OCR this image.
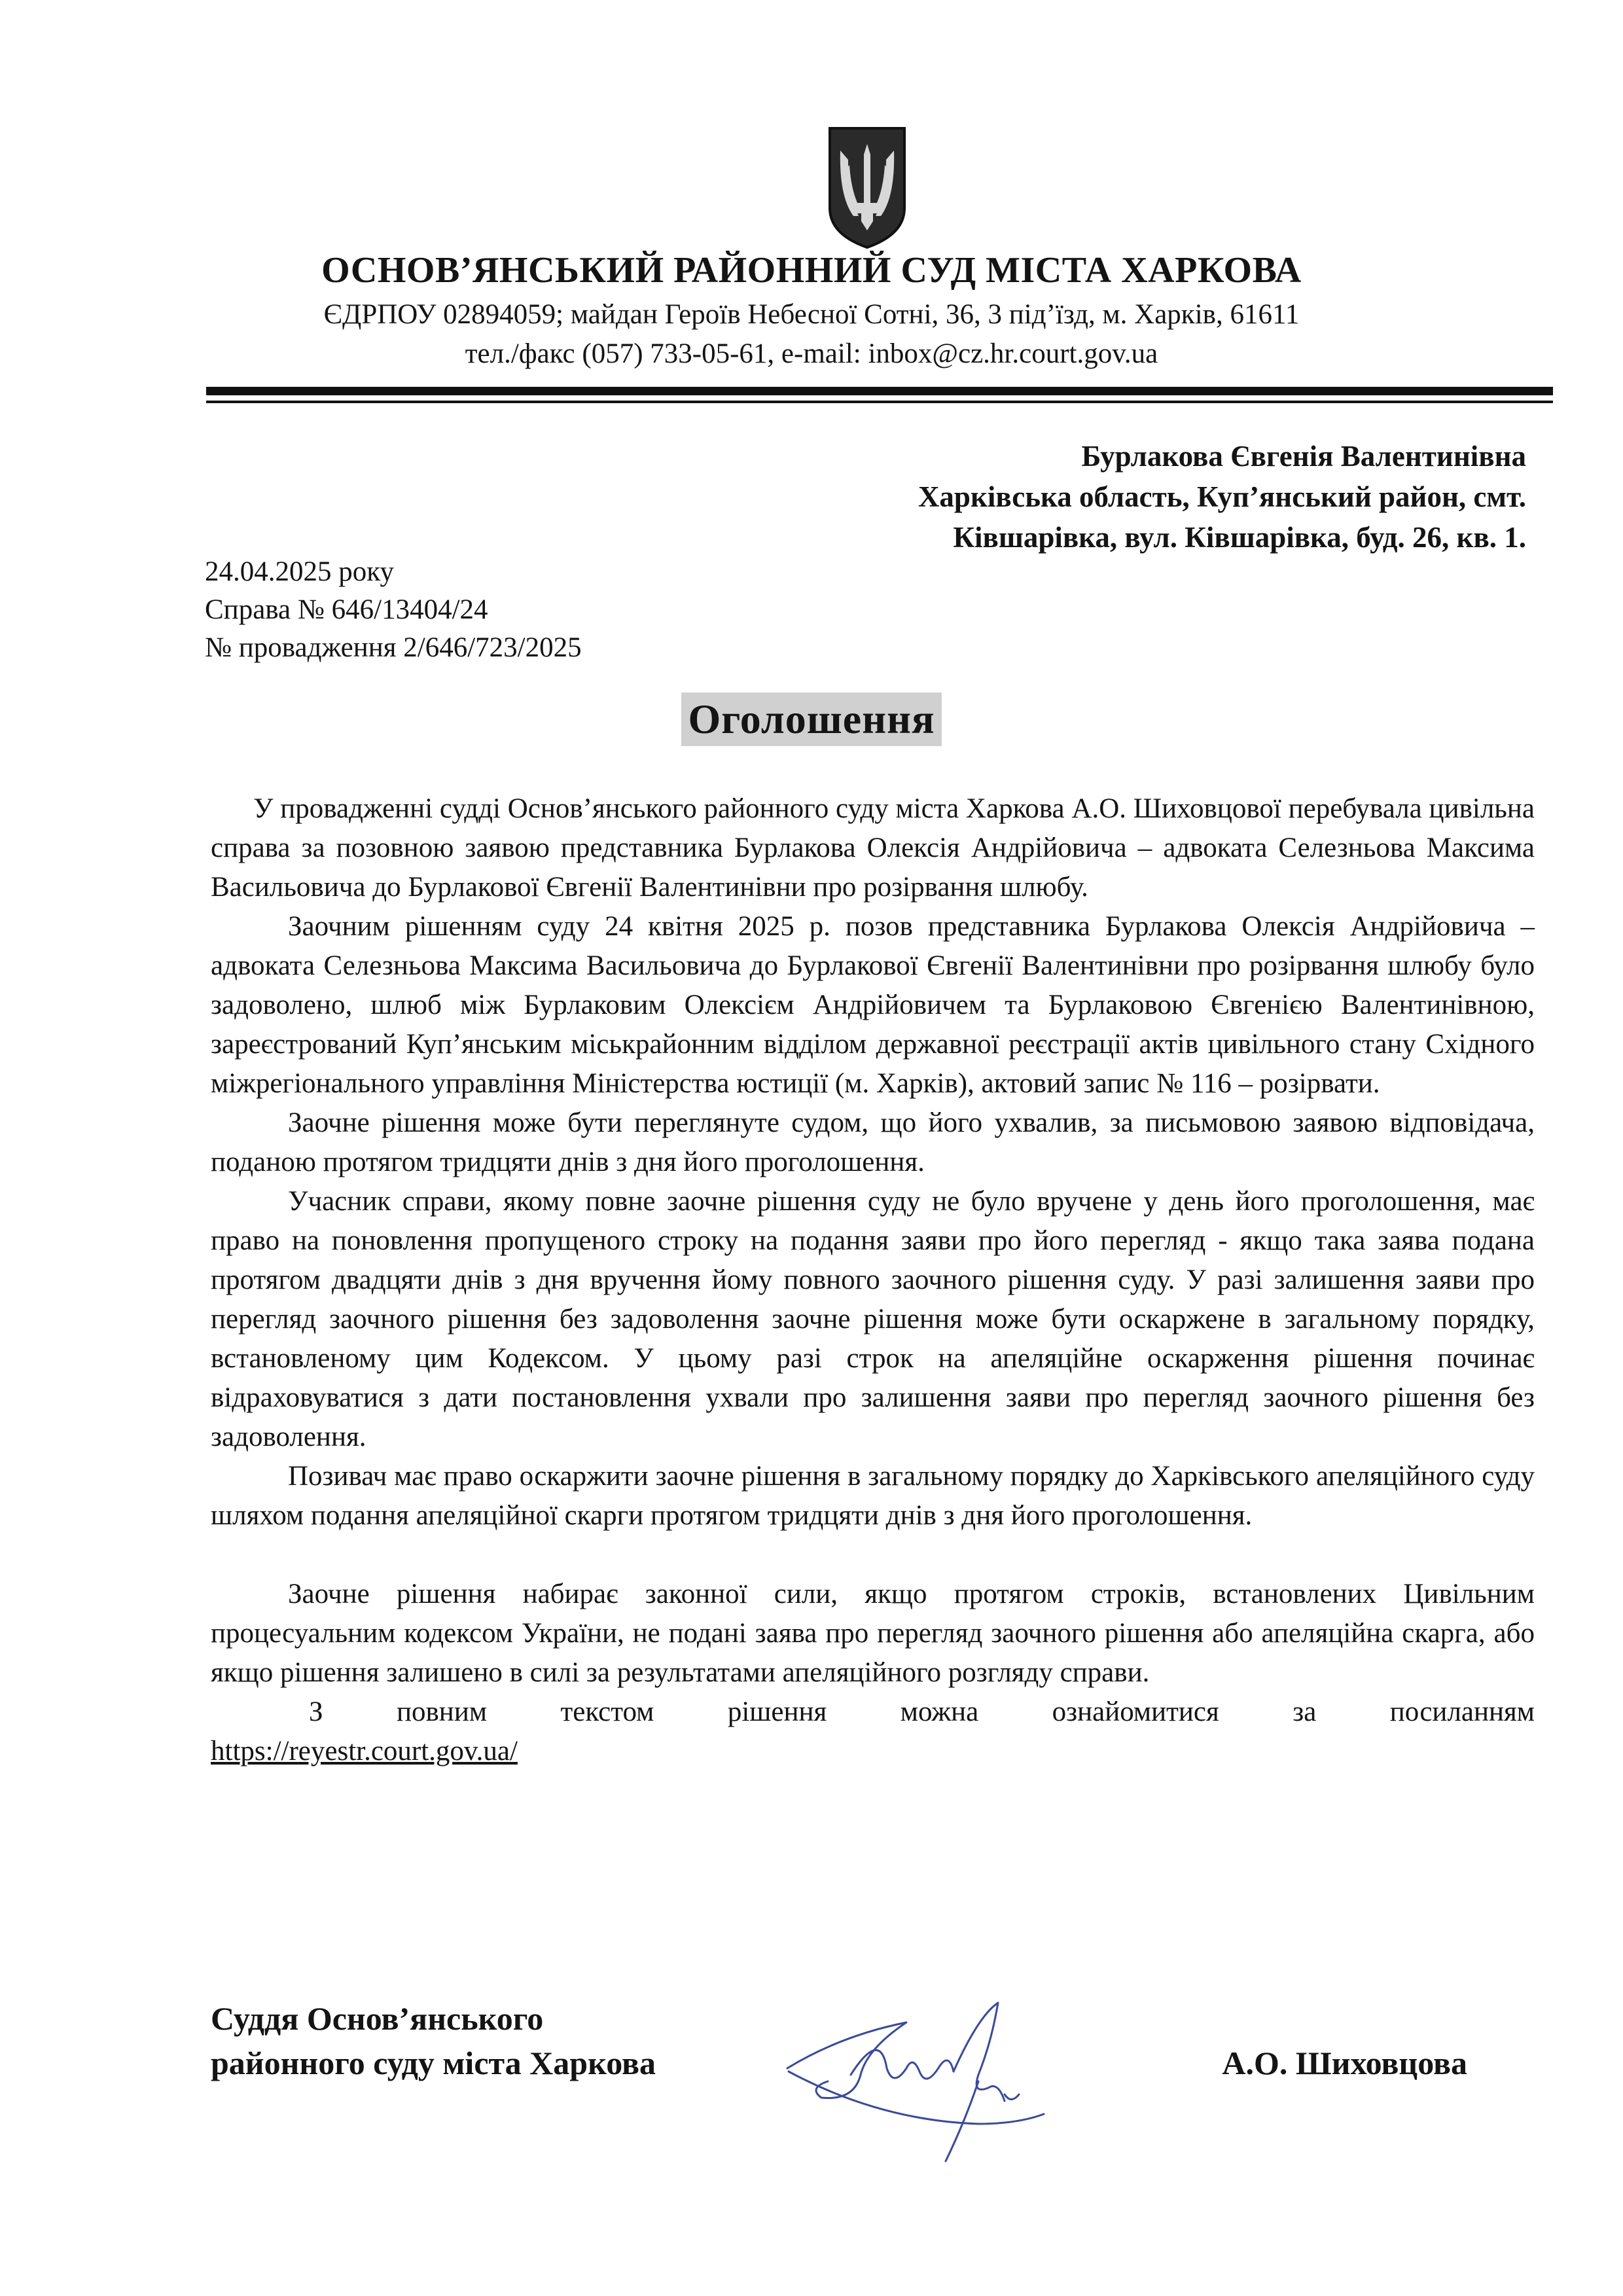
ОСНОВ’ЯНСЬКИЙ РАЙОННИЙ СУД МІСТА ХАРКОВА
ЄДРПОУ 02894059; майдан Героїв Небесної Сотні, 36, 3 під’їзд, м. Харків, 61611
тел./факс (057) 733-05-61, e-mail: inbox@cz.hr.court.gov.ua
Бурлакова Євгенія Валентинівна
Харківська область, Куп’янський район, смт.
Ківшарівка, вул. Ківшарівка, буд. 26, кв. 1.
24.04.2025 року
Справа № 646/13404/24
№ провадження 2/646/723/2025
Оголошення

У провадженні судді Основ’янського районного суду міста Харкова А.О. Шиховцової перебувала цивільна справа за позовною заявою представника Бурлакова Олексія Андрійовича – адвоката Селезньова Максима Васильовича до Бурлакової Євгенії Валентинівни про розірвання шлюбу.

Заочним рішенням суду 24 квітня 2025 р. позов представника Бурлакова Олексія Андрійовича – адвоката Селезньова Максима Васильовича до Бурлакової Євгенії Валентинівни про розірвання шлюбу було задоволено, шлюб між Бурлаковим Олексієм Андрійовичем та Бурлаковою Євгенією Валентинівною, зареєстрований Куп’янським міськрайонним відділом державної реєстрації актів цивільного стану Східного міжрегіонального управління Міністерства юстиції (м. Харків), актовий запис № 116 – розірвати.

Заочне рішення може бути переглянуте судом, що його ухвалив, за письмовою заявою відповідача, поданою протягом тридцяти днів з дня його проголошення.

Учасник справи, якому повне заочне рішення суду не було вручене у день його проголошення, має право на поновлення пропущеного строку на подання заяви про його перегляд - якщо така заява подана протягом двадцяти днів з дня вручення йому повного заочного рішення суду. У разі залишення заяви про перегляд заочного рішення без задоволення заочне рішення може бути оскаржене в загальному порядку, встановленому цим Кодексом. У цьому разі строк на апеляційне оскарження рішення починає відраховуватися з дати постановлення ухвали про залишення заяви про перегляд заочного рішення без задоволення.

Позивач має право оскаржити заочне рішення в загальному порядку до Харківського апеляційного суду шляхом подання апеляційної скарги протягом тридцяти днів з дня його проголошення.

Заочне рішення набирає законної сили, якщо протягом строків, встановлених Цивільним процесуальним кодексом України, не подані заява про перегляд заочного рішення або апеляційна скарга, або якщо рішення залишено в силі за результатами апеляційного розгляду справи.

З повним текстом рішення можна ознайомитися за посиланням

https://reyestr.court.gov.ua/
Суддя Основ’янського
районного суду міста Харкова	А.О. Шиховцова
